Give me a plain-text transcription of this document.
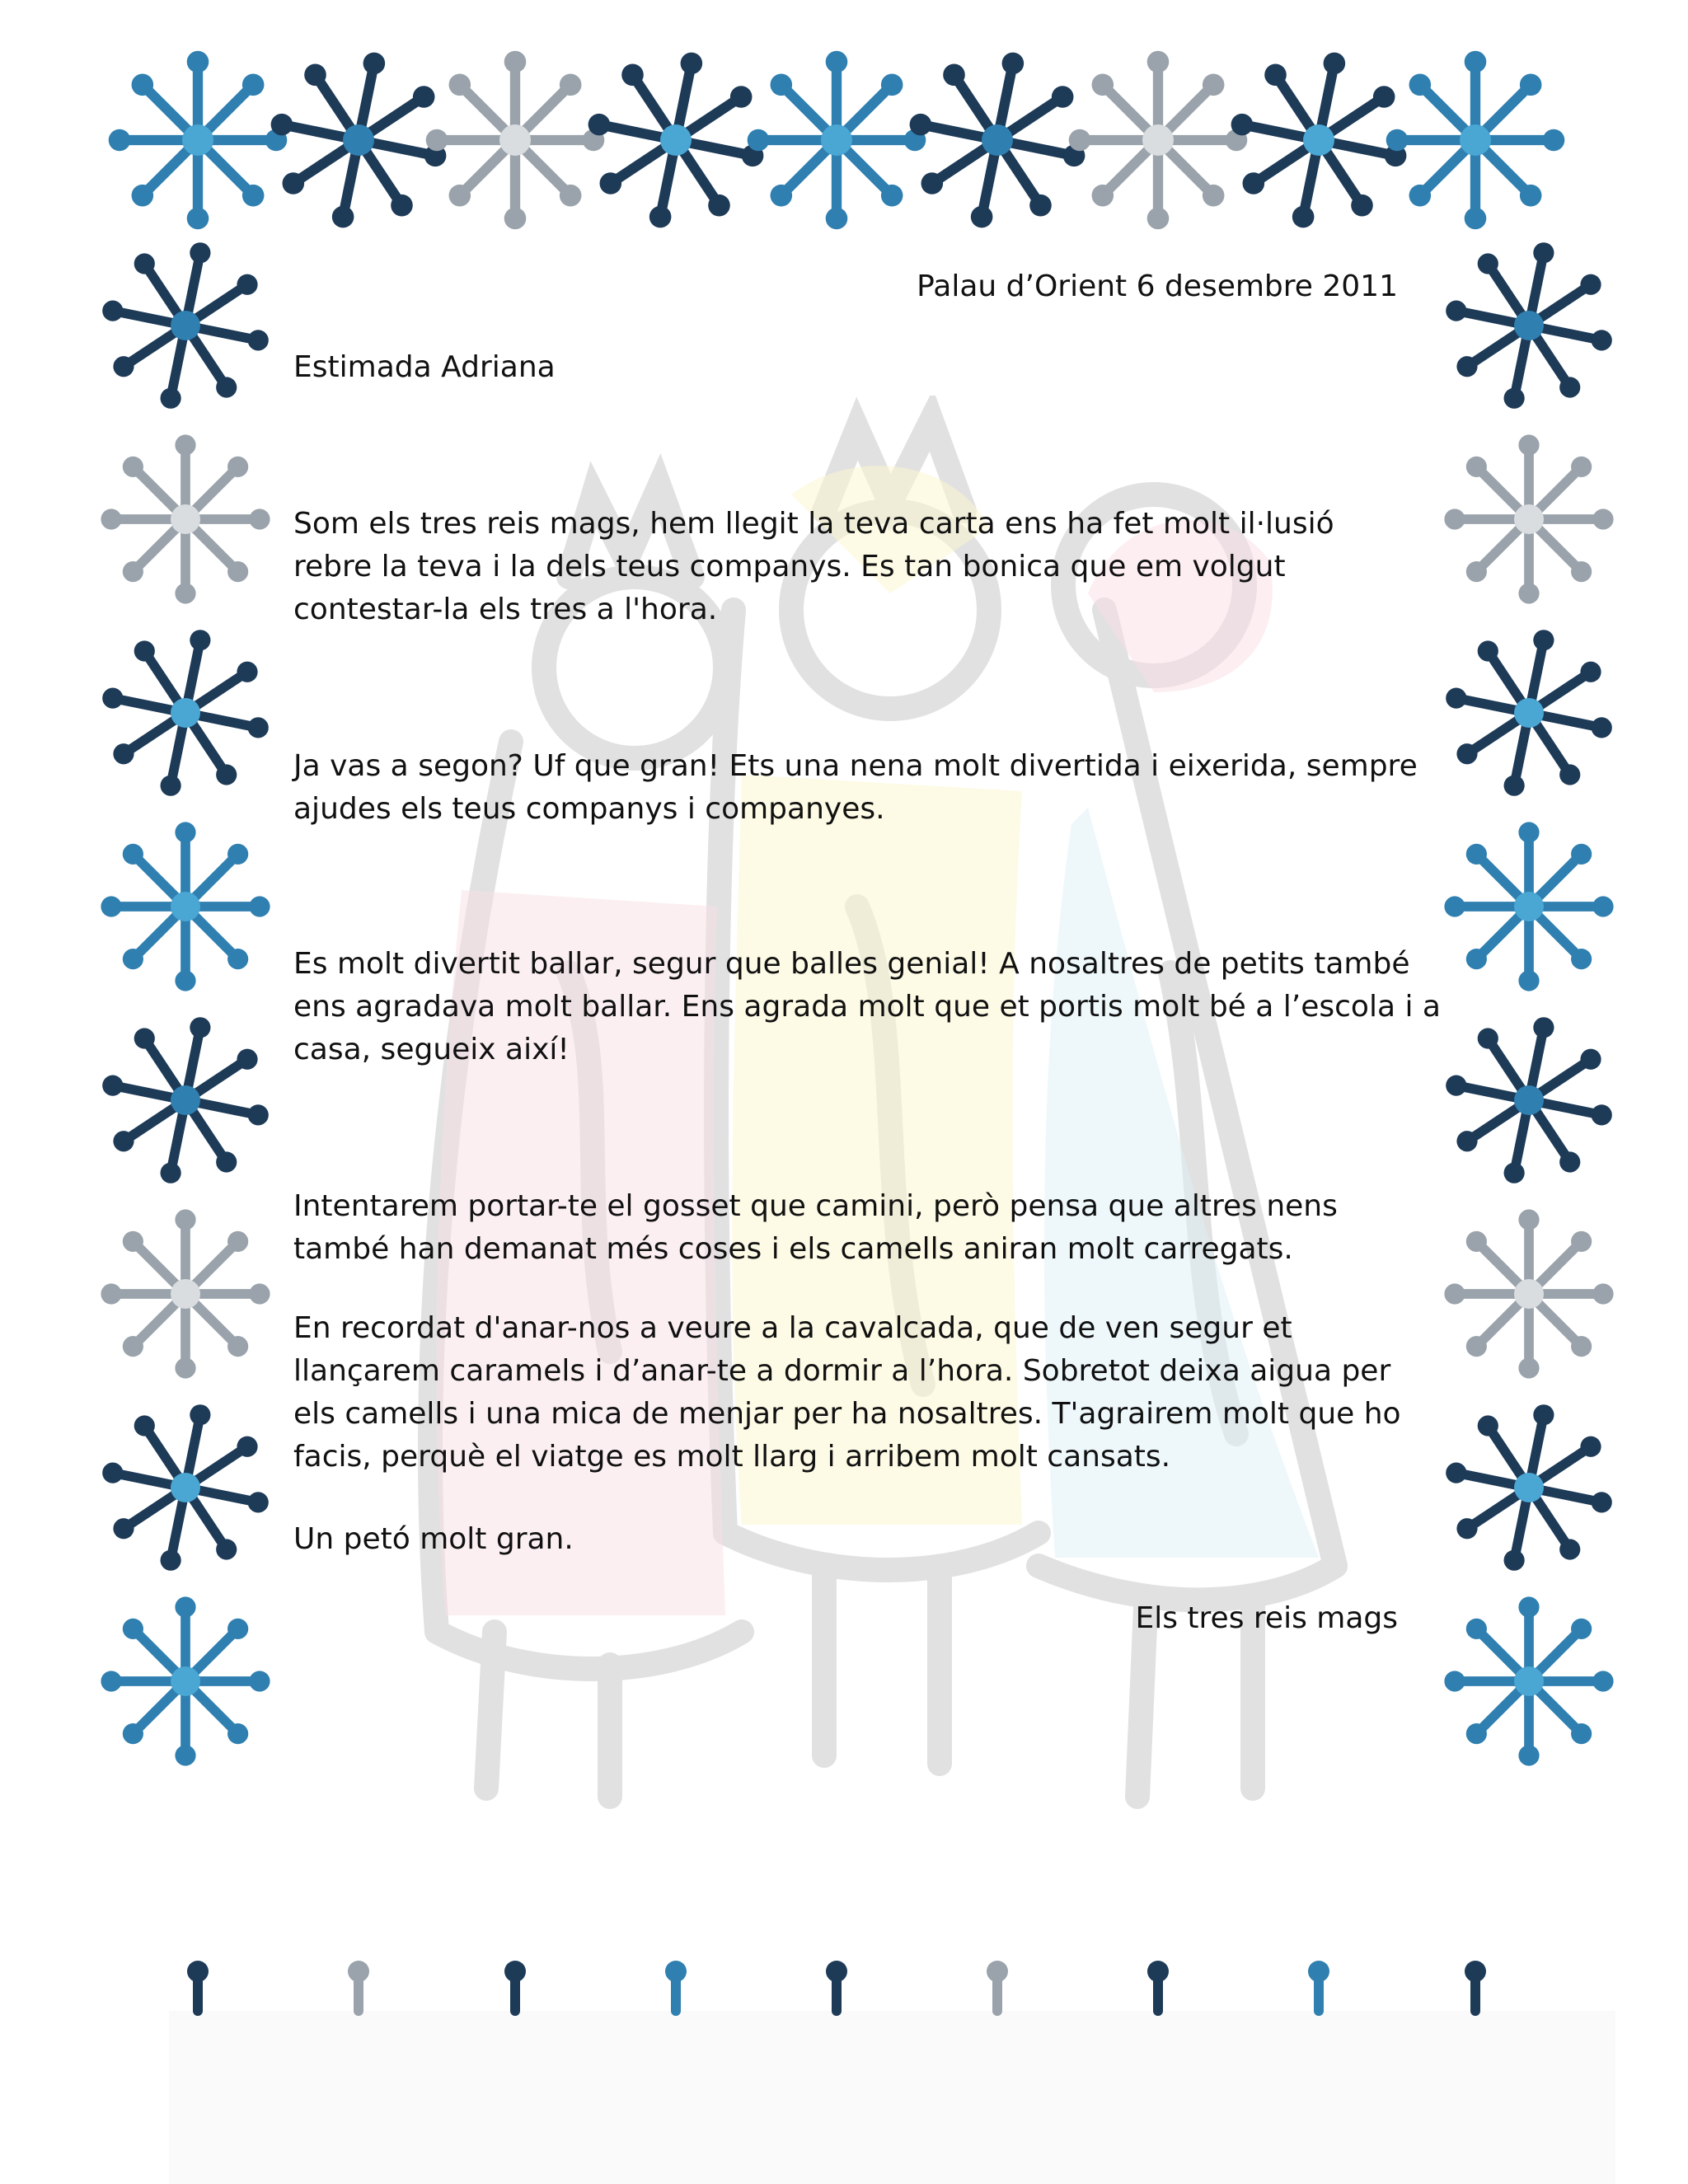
Palau d’Orient 6 desembre 2011
Estimada Adriana
Som els tres reis mags, hem llegit la teva carta ens ha fet molt il·lusió
rebre la teva i la dels teus companys. Es tan bonica que em volgut
contestar-la els tres a l'hora.
Ja vas a segon? Uf que gran! Ets una nena molt divertida i eixerida, sempre
ajudes els teus companys i companyes.
Es molt divertit ballar, segur que balles genial! A nosaltres de petits també
ens agradava molt ballar. Ens agrada molt que et portis molt bé a l’escola i a
casa, segueix així!
Intentarem portar-te el gosset que camini, però pensa que altres nens
també han demanat més coses i els camells aniran molt carregats.
En recordat d'anar-nos a veure a la cavalcada, que de ven segur et
llançarem caramels i d’anar-te a dormir a l’hora. Sobretot deixa aigua per
els camells i una mica de menjar per ha nosaltres. T'agrairem molt que ho
facis, perquè el viatge es molt llarg i arribem molt cansats.
Un petó molt gran.
Els tres reis mags
